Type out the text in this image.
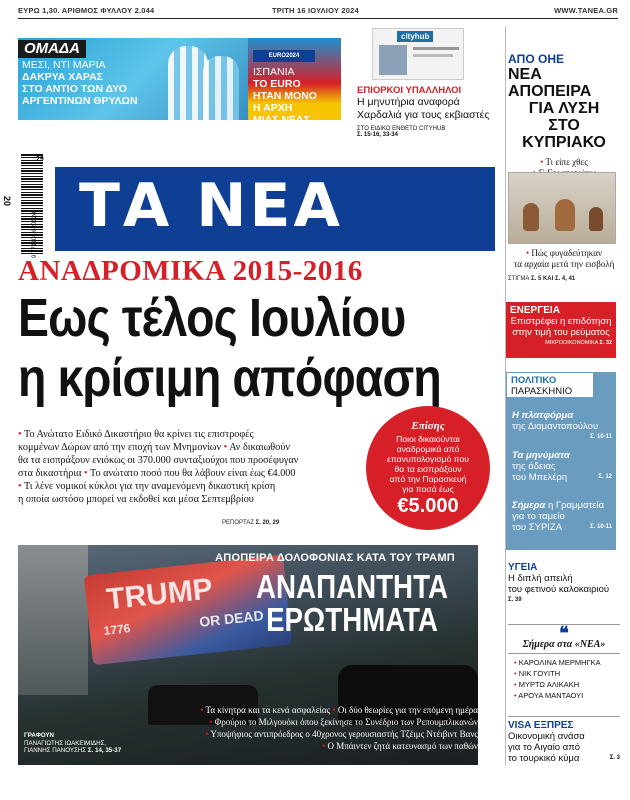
ΕΥΡΩ 1,30. ΑΡΙΘΜΟΣ ΦΥΛΛΟΥ 2.044	ΤΡΙΤΗ 16 ΙΟΥΛΙΟΥ 2024	WWW.TANEA.GR
ΟΜΑΔΑ
ΜΕΣΙ, ΝΤΙ ΜΑΡΙΑ
ΔΑΚΡΥΑ ΧΑΡΑΣ
ΣΤΟ ΑΝΤΙΟ ΤΩΝ ΔΥΟ
ΑΡΓΕΝΤΙΝΩΝ ΘΡΥΛΩΝ
EURO2024
ΙΣΠΑΝΙΑ
ΤΟ EURO
ΗΤΑΝ ΜΟΝΟ
Η ΑΡΧΗ
ΜΙΑΣ ΝΕΑΣ
ΕΠΟΧΗΣ
cityhub
ΕΠΙΟΡΚΟΙ ΥΠΑΛΛΗΛΟΙ
Η μηνυτήρια αναφορά Χαρδαλιά για τους εκβιαστές
ΣΤΟ ΕΙΔΙΚΟ ΕΝΘΕΤΟ CITYHUB
Σ. 15-16, 33-34
9 771108 620124
29
20 ΤΑ ΝΕΑ
ΑΝΑΔΡΟΜΙΚΑ 2015-2016
Εως τέλος Ιουλίου
η κρίσιμη απόφαση
• Το Ανώτατο Ειδικό Δικαστήριο θα κρίνει τις επιστροφές
κομμένων Δώρων από την εποχή των Μνημονίων • Αν δικαιωθούν
θα τα εισπράξουν ενιόκως οι 370.000 συνταξιούχοι που προσέφυγαν
στα δικαστήρια • Το ανώτατο ποσό που θα λάβουν είναι έως €4.000
• Τι λένε νομικοί κύκλοι για την αναμενόμενη δικαστική κρίση
η οποία ωστόσο μπορεί να εκδοθεί και μέσα Σεπτεμβρίου
ΡΕΠΟΡΤΑΖ Σ. 20, 29
Επίσης
Ποιοι δικαιούνται
αναδρομικά από
επανυπολογισμό που
θα τα εισπράξουν
από την Παρασκευή
για ποσά έως
€5.000
TRUMP
1776	OR DEAD
ΑΠΟΠΕΙΡΑ ΔΟΛΟΦΟΝΙΑΣ ΚΑΤΑ ΤΟΥ ΤΡΑΜΠ
ΑΝΑΠΑΝΤΗΤΑ
ΕΡΩΤΗΜΑΤΑ
• Τα κίνητρα και τα κενά ασφαλείας • Οι δύο θεωρίες για την επόμενη ημέρα
• Φρούριο το Μιλγουόκι όπου ξεκίνησε το Συνέδριο των Ρεπουμπλικανών
• Υποψήφιος αντιπρόεδρος ο 40χρονος γερουσιαστής Τζέιμς Ντέιβιντ Βανς
• Ο Μπάιντεν ζητά κατευνασμό των παθών
ΓΡΑΦΟΥΝ
ΠΑΝΑΓΙΩΤΗΣ ΙΩΑΚΕΙΜΙΔΗΣ,
ΓΙΑΝΝΗΣ ΠΑΝΟΥΣΗΣ Σ. 14, 35-37
ΑΠΟ ΟΗΕ
ΝΕΑ ΑΠΟΠΕΙΡΑ
ΓΙΑ ΛΥΣΗ
ΣΤΟ ΚΥΠΡΙΑΚΟ
• Τι είπε χθες
• Πώς φυγαδεύτηκαν
τα αρχαία μετά την εισβολή
ΣΤΙΓΜΑ Σ. 5 ΚΑΙ Σ. 4, 41
ΕΝΕΡΓΕΙΑ
Επιστρέφει η επιδότηση
στην τιμή του ρεύματος
ΜΙΚΡΟΟΙΚΟΝΟΜΙΚΑ Σ. 32
ΠΟΛΙΤΙΚΟ
ΠΑΡΑΣΚΗΝΙΟ
Η πλατφόρμα
της Διαμαντοπούλου
Σ. 10-11
Τα μηνύματα
της άδειας
του Μπελέρη	Σ. 12
Σήμερα η Γραμματεία
για το ταμείο
του ΣΥΡΙΖΑ	Σ. 10-11
ΥΓΕΙΑ
Η διπλή απειλή
του φετινού καλοκαιριού
Σ. 39
❝
Σήμερα στα «ΝΕΑ»
• ΚΑΡΟΛΙΝΑ ΜΕΡΜΗΓΚΑ
• ΝΙΚ ΓΟΥΙΤΗ
• ΜΥΡΤΩ ΑΛΙΚΑΚΗ
• ΑΡΟΥΑ ΜΑΝΤΑΟΥΙ
VISA ΕΞΠΡΕΣ
Οικονομική ανάσα
για το Αιγαίο από
το τουρκικό κύμα	Σ. 3
